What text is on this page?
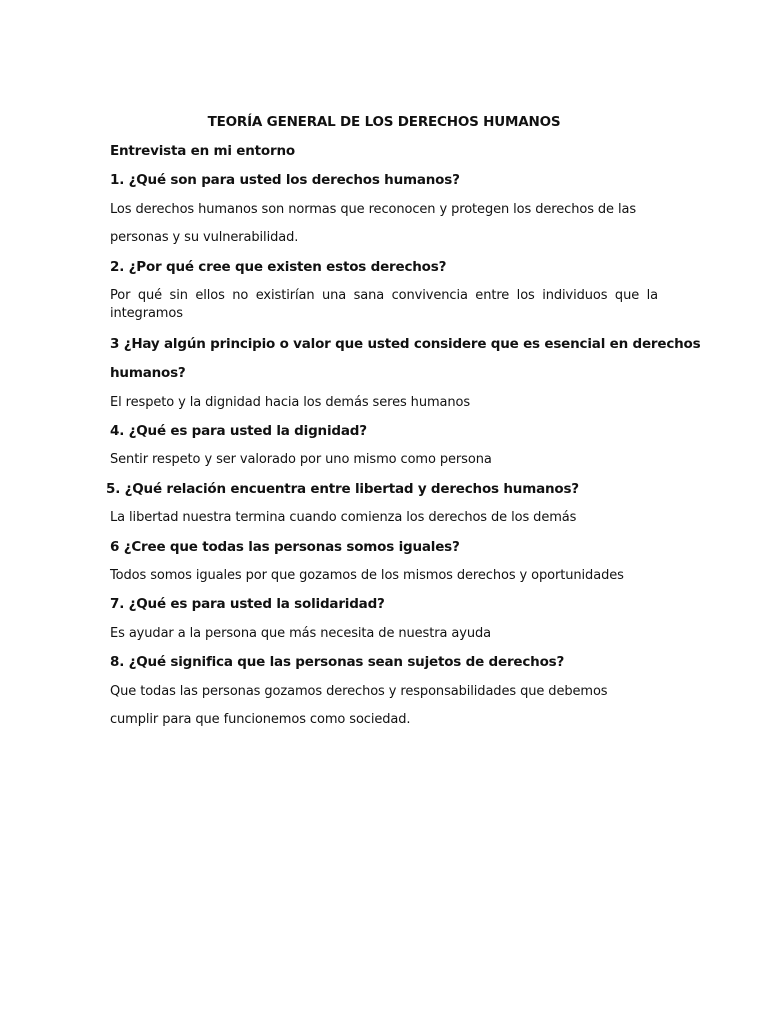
TEORÍA GENERAL DE LOS DERECHOS HUMANOS
Entrevista en mi entorno
1. ¿Qué son para usted los derechos humanos?
Los derechos humanos son normas que reconocen y protegen los derechos de las
personas y su vulnerabilidad.
2. ¿Por qué cree que existen estos derechos?
Por qué sin ellos no existirían una sana convivencia entre los individuos que la integramos
3 ¿Hay algún principio o valor que usted considere que es esencial en derechos
humanos?
El respeto y la dignidad hacia los demás seres humanos
4. ¿Qué es para usted la dignidad?
Sentir respeto y ser valorado por uno mismo como persona
5. ¿Qué relación encuentra entre libertad y derechos humanos?
La libertad nuestra termina cuando comienza los derechos de los demás
6 ¿Cree que todas las personas somos iguales?
Todos somos iguales por que gozamos de los mismos derechos y oportunidades
7. ¿Qué es para usted la solidaridad?
Es ayudar a la persona que más necesita de nuestra ayuda
8. ¿Qué significa que las personas sean sujetos de derechos?
Que todas las personas gozamos derechos y responsabilidades que debemos
cumplir para que funcionemos como sociedad.
